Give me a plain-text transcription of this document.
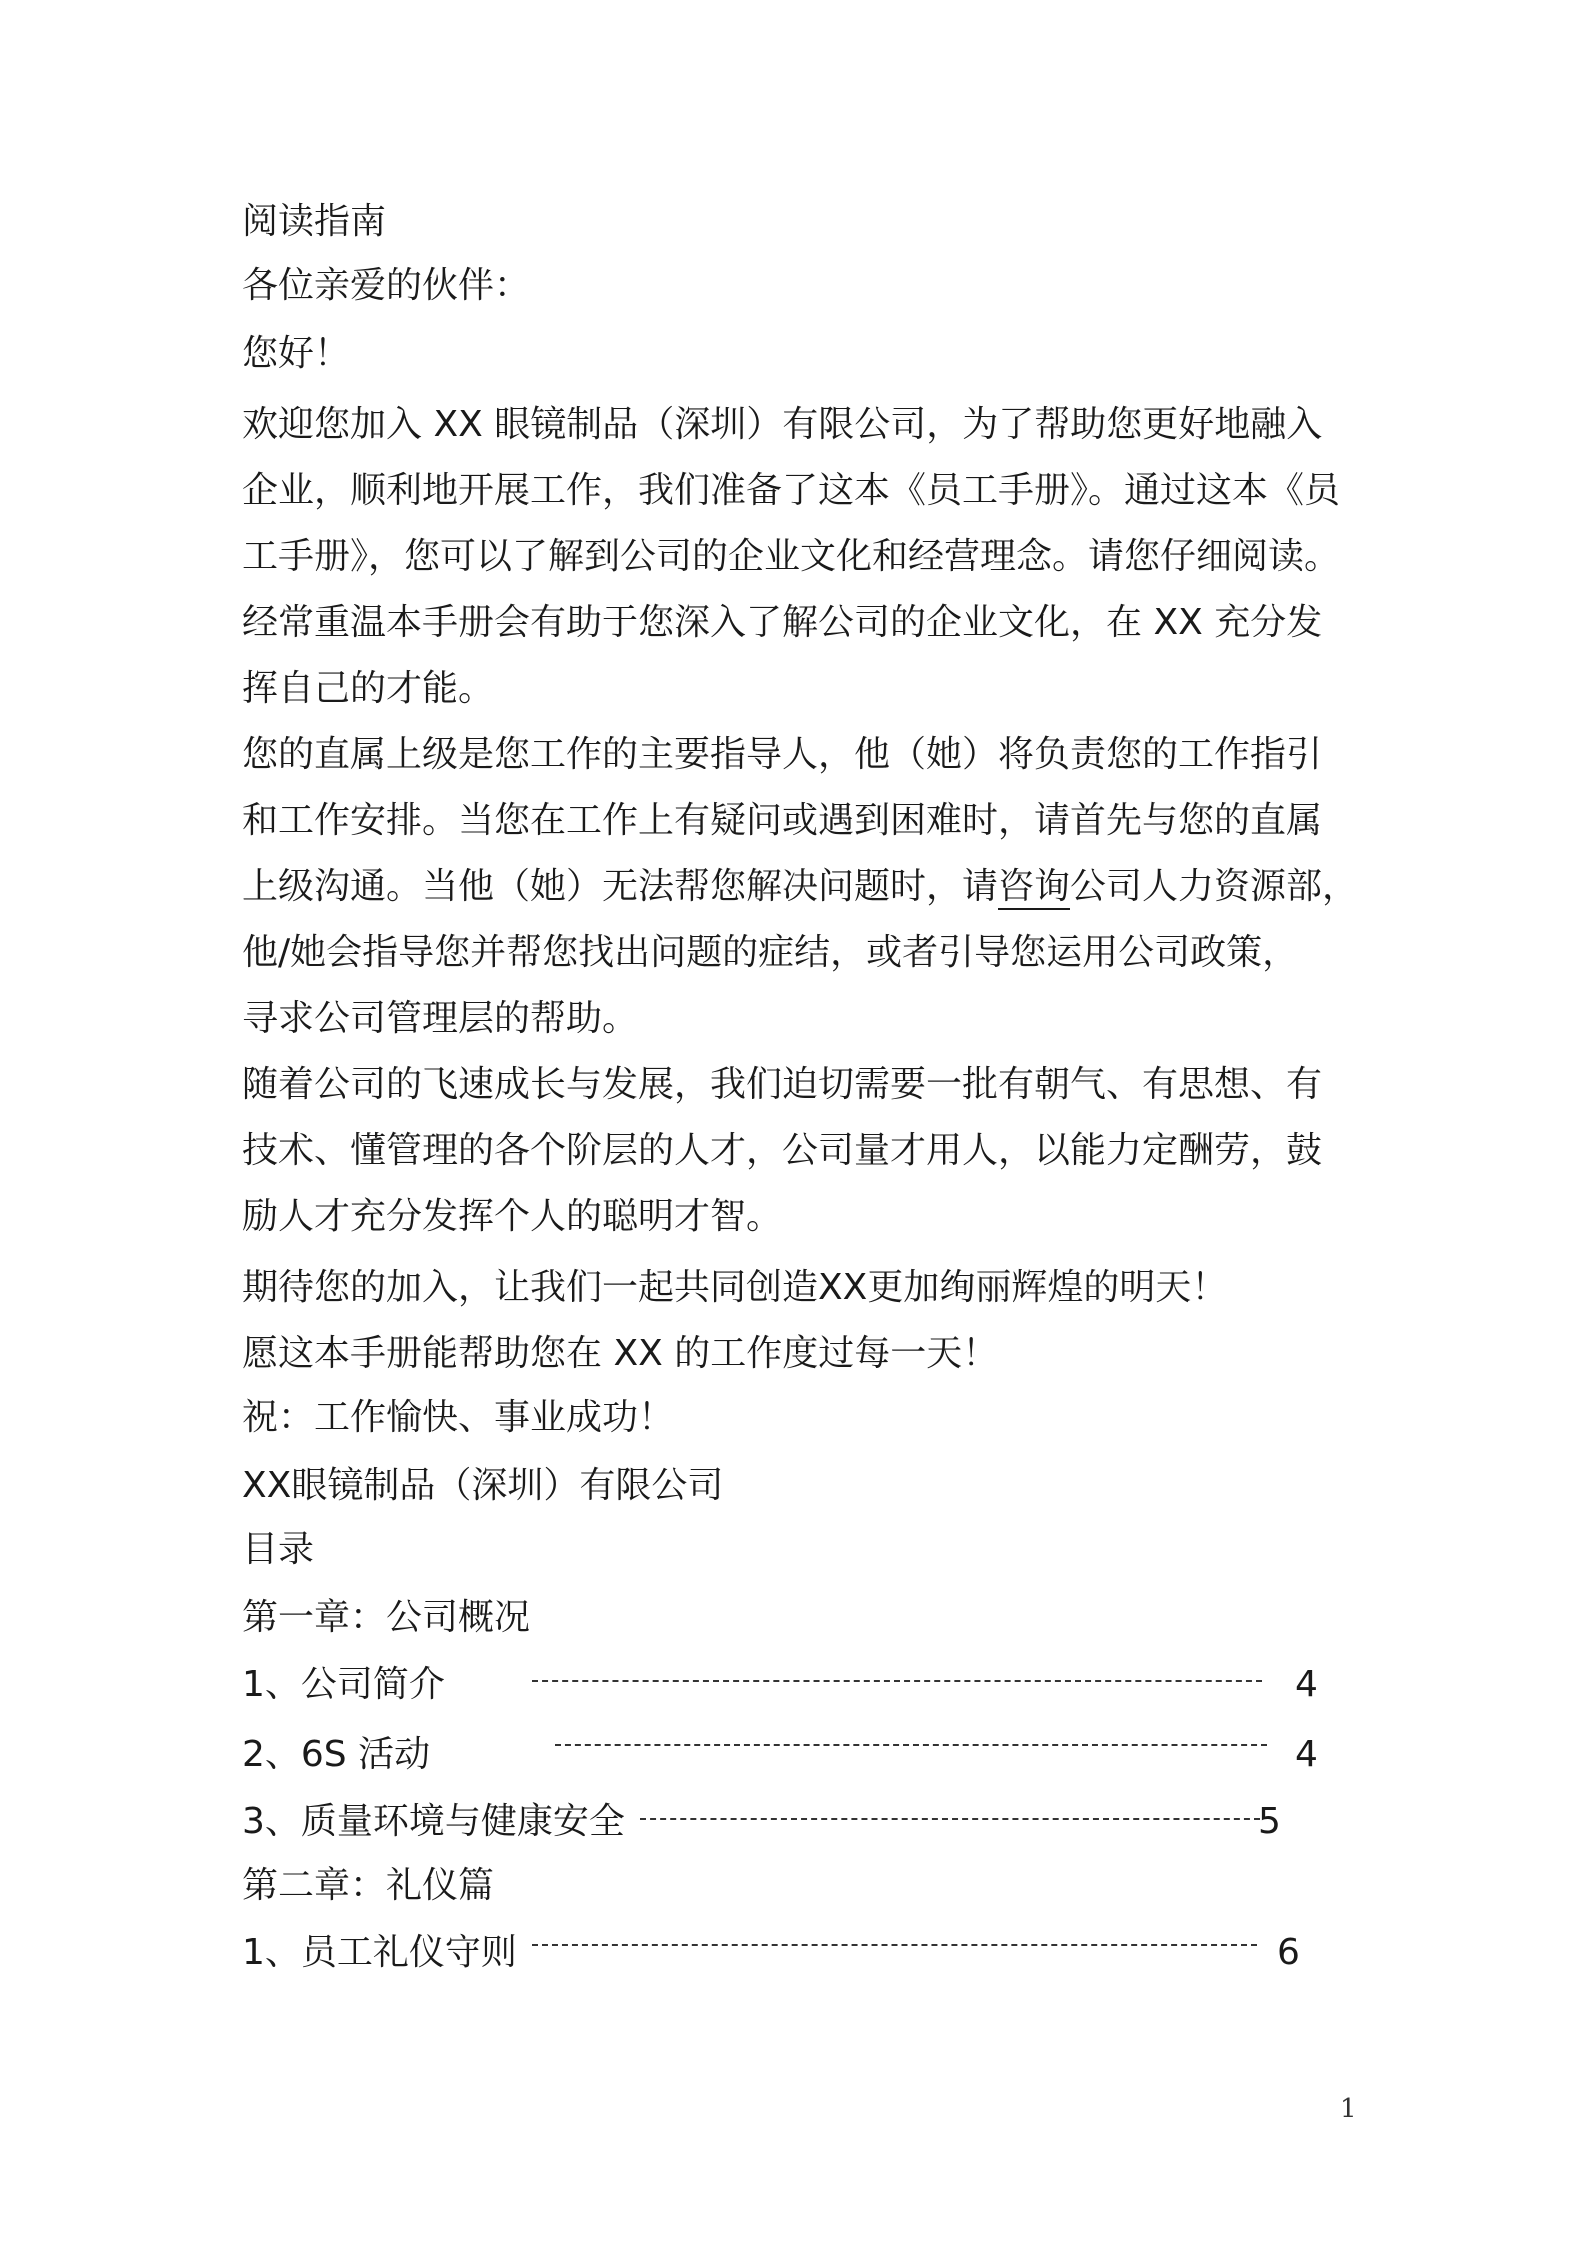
阅读指南

各位亲爱的伙伴：

您好！

欢迎您加入 XX 眼镜制品（深圳）有限公司，为了帮助您更好地融入
企业，顺利地开展工作，我们准备了这本《员工手册》。通过这本《员
工手册》，您可以了解到公司的企业文化和经营理念。请您仔细阅读。
经常重温本手册会有助于您深入了解公司的企业文化，在 XX 充分发
挥自己的才能。
您的直属上级是您工作的主要指导人，他（她）将负责您的工作指引
和工作安排。当您在工作上有疑问或遇到困难时，请首先与您的直属
上级沟通。当他（她）无法帮您解决问题时，请咨询公司人力资源部，
他/她会指导您并帮您找出问题的症结，或者引导您运用公司政策，
寻求公司管理层的帮助。
随着公司的飞速成长与发展，我们迫切需要一批有朝气、有思想、有
技术、懂管理的各个阶层的人才，公司量才用人，以能力定酬劳，鼓
励人才充分发挥个人的聪明才智。

期待您的加入，让我们一起共同创造XX更加绚丽辉煌的明天！

愿这本手册能帮助您在 XX 的工作度过每一天！

祝：工作愉快、事业成功！

XX眼镜制品（深圳）有限公司

目录

第一章：公司概况

1、公司简介	4
2、6S 活动	4
3、质量环境与健康安全	5

第二章：礼仪篇

1、员工礼仪守则	6
1
